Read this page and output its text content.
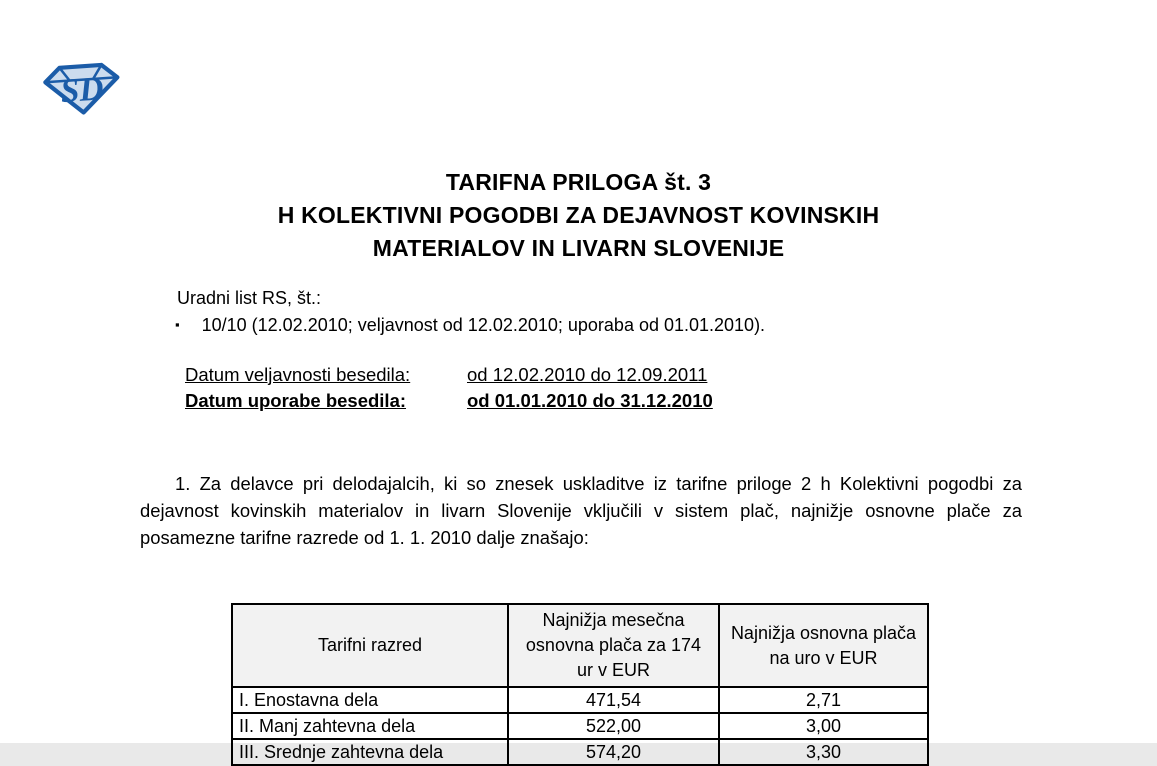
SD
TARIFNA PRILOGA št. 3
H KOLEKTIVNI POGODBI ZA DEJAVNOST KOVINSKIH
MATERIALOV IN LIVARN SLOVENIJE
Uradni list RS, št.:
▪ 10/10 (12.02.2010; veljavnost od 12.02.2010; uporaba od 01.01.2010).
Datum veljavnosti besedila:	od 12.02.2010 do 12.09.2011
Datum uporabe besedila:	od 01.01.2010 do 31.12.2010
1. Za delavce pri delodajalcih, ki so znesek uskladitve iz tarifne priloge 2 h Kolektivni pogodbi za dejavnost kovinskih materialov in livarn Slovenije vključili v sistem plač, najnižje osnovne plače za posamezne tarifne razrede od 1. 1. 2010 dalje znašajo:
Tarifni razred	Najnižja mesečna osnovna plača za 174 ur v EUR	Najnižja osnovna plača na uro v EUR
I. Enostavna dela	471,54	2,71
II. Manj zahtevna dela	522,00	3,00
III. Srednje zahtevna dela	574,20	3,30
